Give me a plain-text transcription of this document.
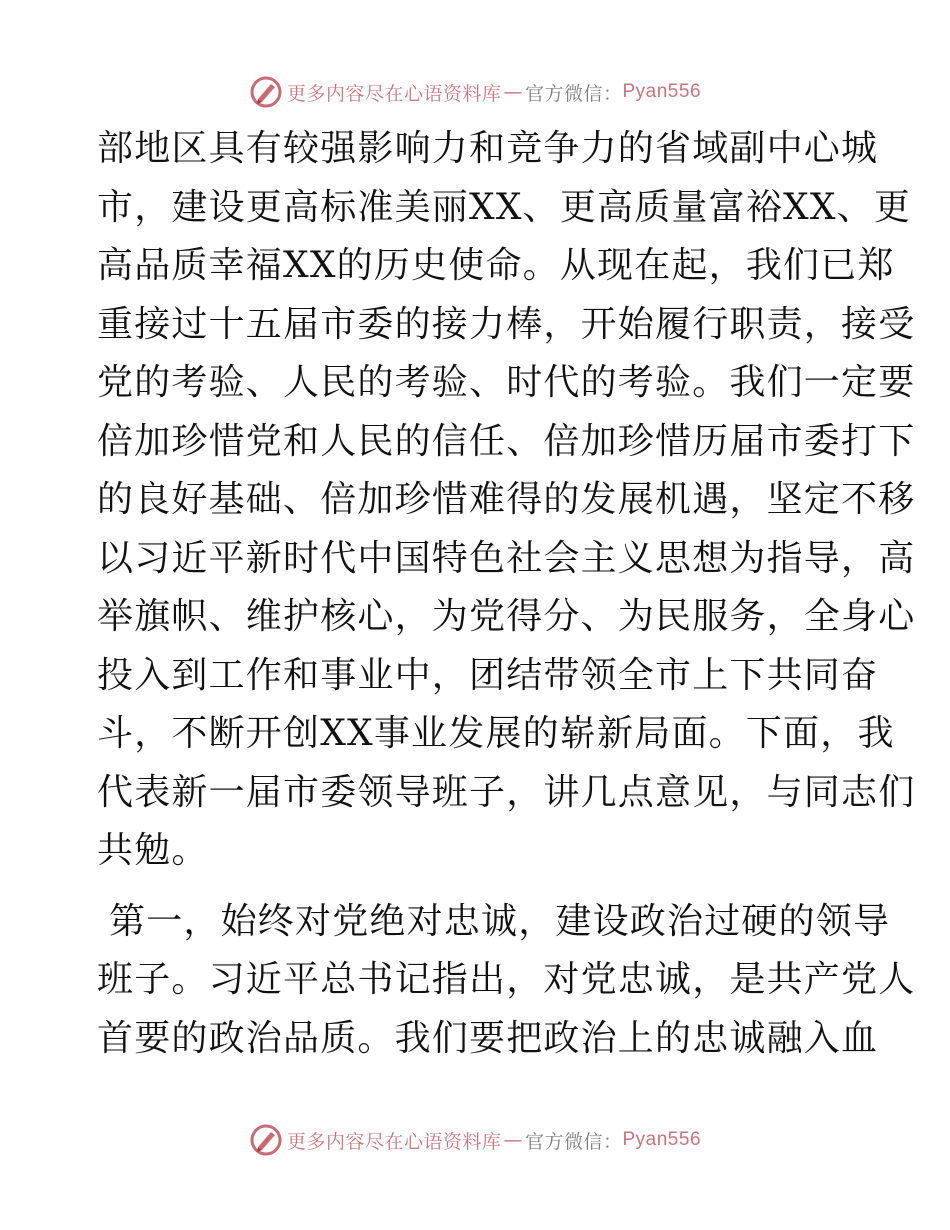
更多内容尽在心语资料库 — 官方微信： Pyan556
部地区具有较强影响力和竞争力的省域副中心城
市，建设更高标准美丽XX、更高质量富裕XX、更
高品质幸福XX的历史使命。从现在起，我们已郑
重接过十五届市委的接力棒，开始履行职责，接受
党的考验、人民的考验、时代的考验。我们一定要
倍加珍惜党和人民的信任、倍加珍惜历届市委打下
的良好基础、倍加珍惜难得的发展机遇，坚定不移
以习近平新时代中国特色社会主义思想为指导，高
举旗帜、维护核心，为党得分、为民服务，全身心
投入到工作和事业中，团结带领全市上下共同奋
斗，不断开创XX事业发展的崭新局面。下面，我
代表新一届市委领导班子，讲几点意见，与同志们
共勉。
第一，始终对党绝对忠诚，建设政治过硬的领导
班子。习近平总书记指出，对党忠诚，是共产党人
首要的政治品质。我们要把政治上的忠诚融入血
更多内容尽在心语资料库 — 官方微信： Pyan556
